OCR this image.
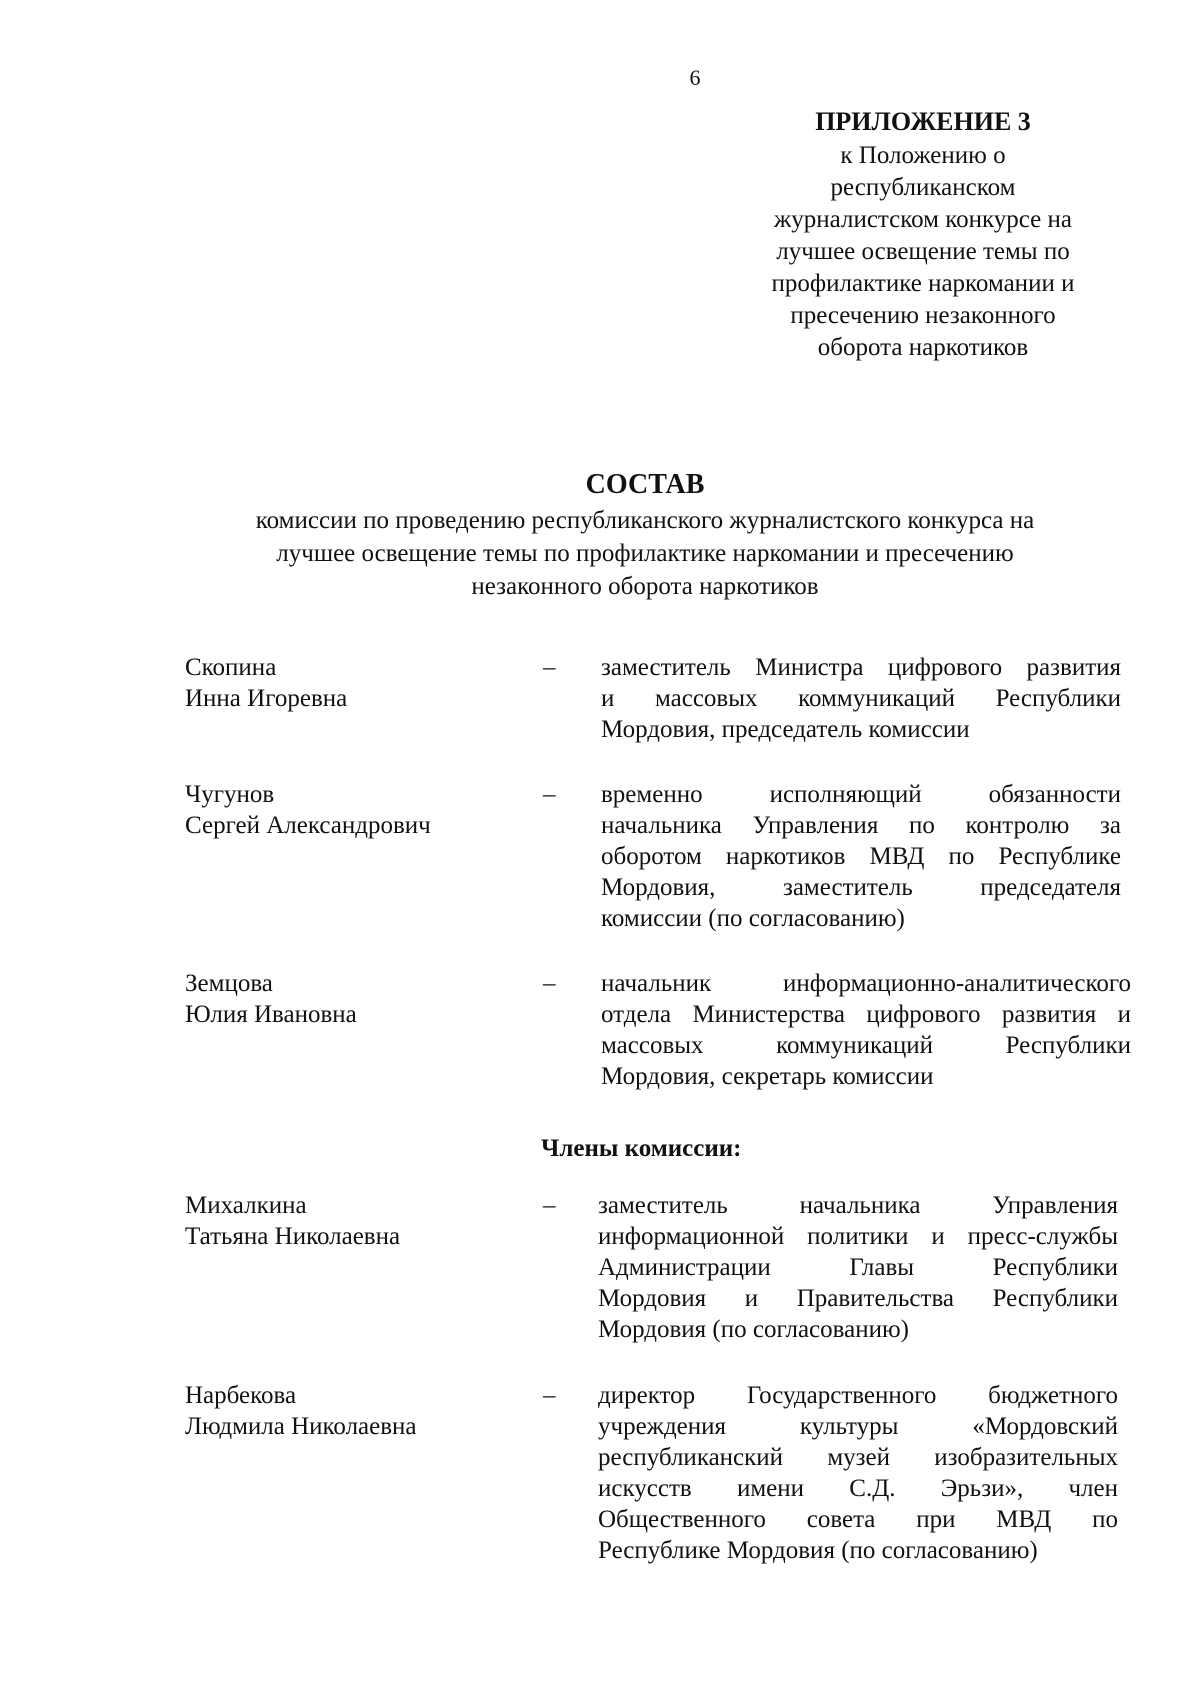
6
ПРИЛОЖЕНИЕ 3
к Положению о
республиканском
журналистском конкурсе на
лучшее освещение темы по
профилактике наркомании и
пресечению незаконного
оборота наркотиков
СОСТАВ
комиссии по проведению республиканского журналистского конкурса на
лучшее освещение темы по профилактике наркомании и пресечению
незаконного оборота наркотиков
Скопина
Инна Игоревна
– заместитель Министра цифрового развития
и массовых коммуникаций Республики
Мордовия, председатель комиссии
Чугунов
Сергей Александрович
– временно исполняющий обязанности
начальника Управления по контролю за
оборотом наркотиков МВД по Республике
Мордовия, заместитель председателя
комиссии (по согласованию)
Земцова
Юлия Ивановна
– начальник информационно-аналитического
отдела Министерства цифрового развития и
массовых коммуникаций Республики
Мордовия, секретарь комиссии
Члены комиссии:
Михалкина
Татьяна Николаевна
– заместитель начальника Управления
информационной политики и пресс-службы
Администрации Главы Республики
Мордовия и Правительства Республики
Мордовия (по согласованию)
Нарбекова
Людмила Николаевна
– директор Государственного бюджетного
учреждения культуры «Мордовский
республиканский музей изобразительных
искусств имени С.Д. Эрьзи», член
Общественного совета при МВД по
Республике Мордовия (по согласованию)
